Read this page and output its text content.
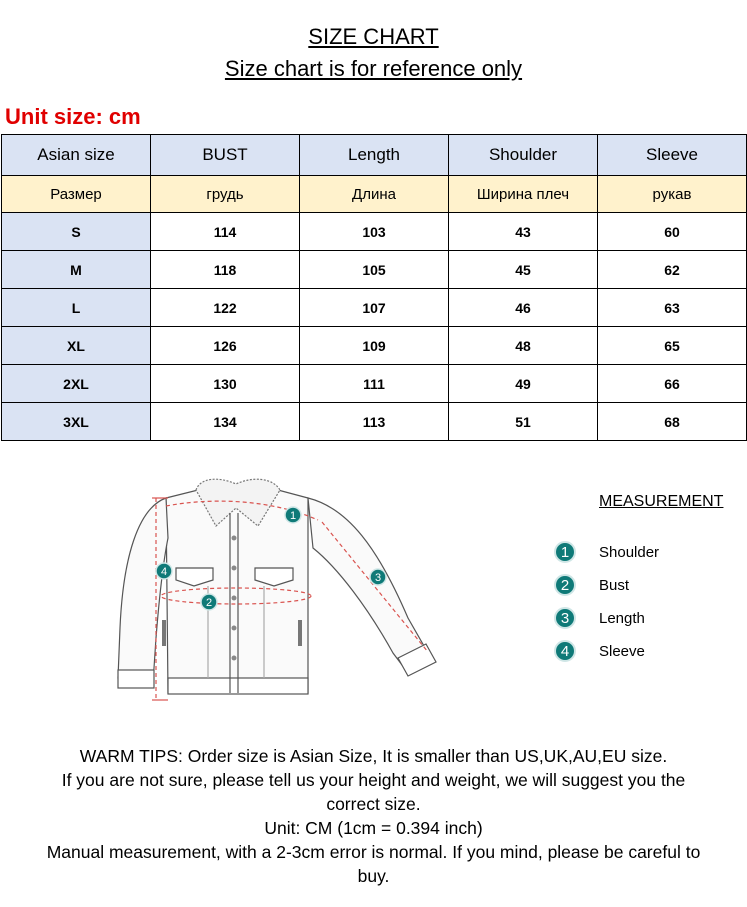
SIZE CHART
Size chart is for reference only
Unit size: cm
Asian size	BUST	Length	Shoulder	Sleeve
Размер	грудь	Длина	Ширина плеч	рукав
S	114	103	43	60
M	118	105	45	62
L	122	107	46	63
XL	126	109	48	65
2XL	130	111	49	66
3XL	134	113	51	68
1
2
3
4
MEASUREMENT
1	Shoulder
2	Bust
3	Length
4	Sleeve
WARM TIPS: Order size is Asian Size, It is smaller than US,UK,AU,EU size.
If you are not sure, please tell us your height and weight, we will suggest you the
correct size.
Unit: CM (1cm = 0.394 inch)
Manual measurement, with a 2-3cm error is normal. If you mind, please be careful to
buy.
